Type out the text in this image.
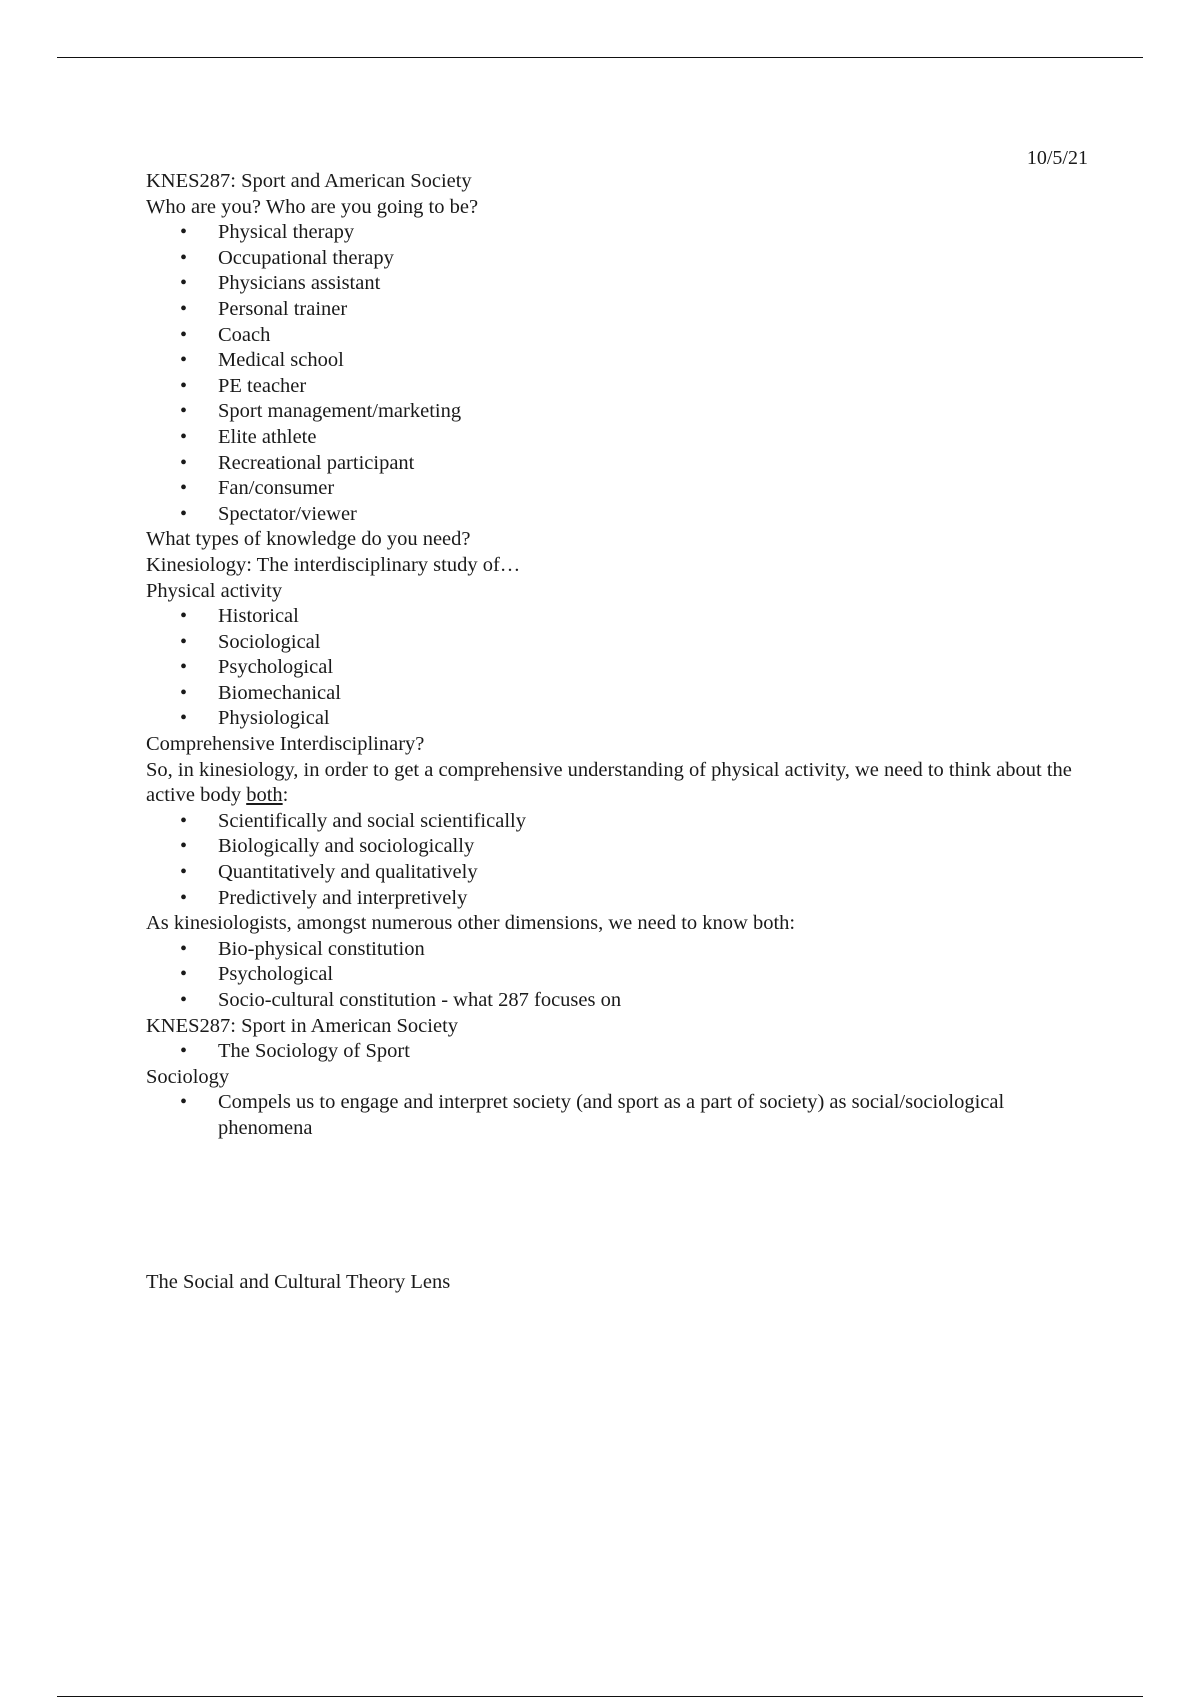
10/5/21

KNES287: Sport and American Society

Who are you? Who are you going to be?

• Physical therapy
• Occupational therapy
• Physicians assistant
• Personal trainer
• Coach
• Medical school
• PE teacher
• Sport management/marketing
• Elite athlete
• Recreational participant
• Fan/consumer
• Spectator/viewer

What types of knowledge do you need?

Kinesiology: The interdisciplinary study of…

Physical activity

• Historical
• Sociological
• Psychological
• Biomechanical
• Physiological

Comprehensive Interdisciplinary?

So, in kinesiology, in order to get a comprehensive understanding of physical activity, we need to think about the active body both:

• Scientifically and social scientifically
• Biologically and sociologically
• Quantitatively and qualitatively
• Predictively and interpretively

As kinesiologists, amongst numerous other dimensions, we need to know both:

• Bio-physical constitution
• Psychological
• Socio-cultural constitution - what 287 focuses on

KNES287: Sport in American Society

• The Sociology of Sport

Sociology

• Compels us to engage and interpret society (and sport as a part of society) as social/sociological phenomena

The Social and Cultural Theory Lens
